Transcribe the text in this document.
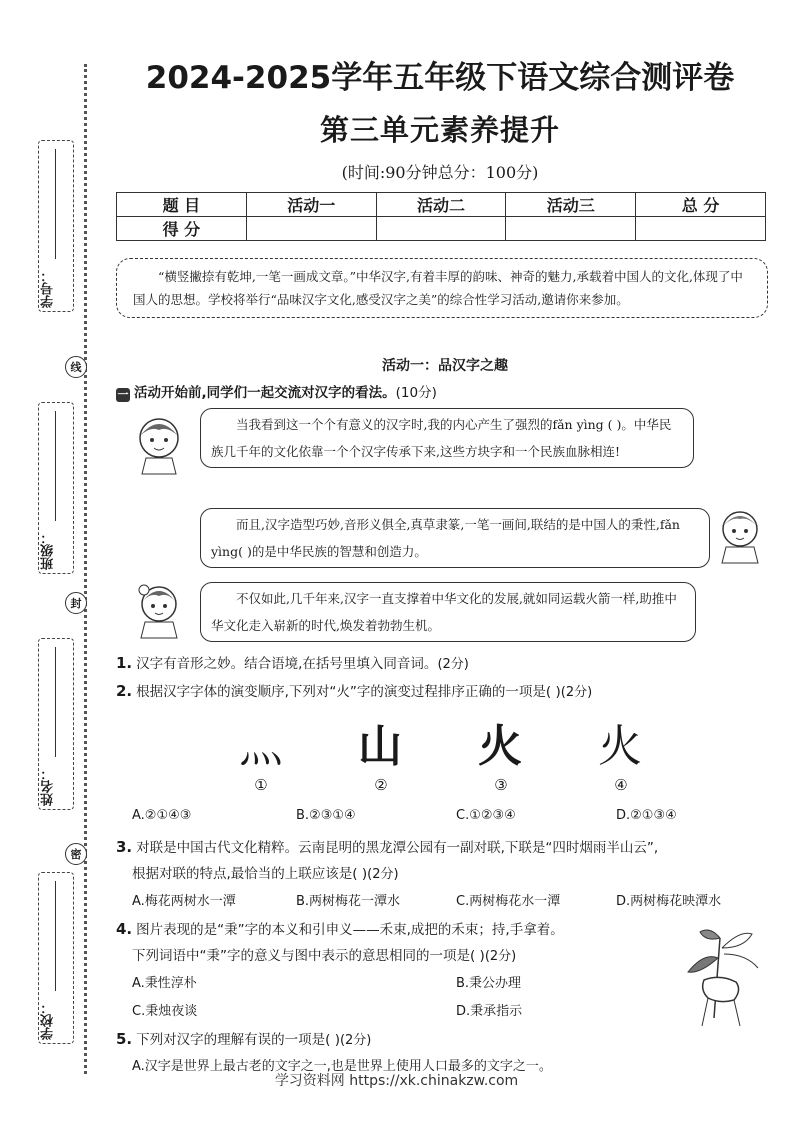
学号：
线
班级：
封
姓名：
密
学校：
2024-2025学年五年级下语文综合测评卷
第三单元素养提升
(时间:90分钟总分：100分)
题 目	活动一	活动二	活动三	总 分
得 分				
“横竖撇捺有乾坤,一笔一画成文章。”中华汉字,有着丰厚的韵味、神奇的魅力,承载着中国人的文化,体现了中国人的思想。学校将举行“品味汉字文化,感受汉字之美”的综合性学习活动,邀请你来参加。
活动一：品汉字之趣
一 活动开始前,同学们一起交流对汉字的看法。(10分)
当我看到这一个个有意义的汉字时,我的内心产生了强烈的fǎn yìng ( )。中华民族几千年的文化依靠一个个汉字传承下来,这些方块字和一个民族血脉相连!
而且,汉字造型巧妙,音形义俱全,真草隶篆,一笔一画间,联结的是中国人的秉性,fǎn yìng( )的是中华民族的智慧和创造力。
不仅如此,几千年来,汉字一直支撑着中华文化的发展,就如同运载火箭一样,助推中华文化走入崭新的时代,焕发着勃勃生机。
1. 汉字有音形之妙。结合语境,在括号里填入同音词。(2分)
2. 根据汉字字体的演变顺序,下列对“火”字的演变过程排序正确的一项是( )(2分)
灬 山 火 火
①	②	③	④
A.②①④③	B.②③①④	C.①②③④	D.②①③④
3. 对联是中国古代文化精粹。云南昆明的黑龙潭公园有一副对联,下联是“四时烟雨半山云”,
根据对联的特点,最恰当的上联应该是( )(2分)
A.梅花两树水一潭	B.两树梅花一潭水	C.两树梅花水一潭	D.两树梅花映潭水
4. 图片表现的是“秉”字的本义和引申义——禾束,成把的禾束；持,手拿着。
下列词语中“秉”字的意义与图中表示的意思相同的一项是( )(2分)
A.秉性淳朴	B.秉公办理
C.秉烛夜谈	D.秉承指示
5. 下列对汉字的理解有误的一项是( )(2分)
A.汉字是世界上最古老的文字之一,也是世界上使用人口最多的文字之一。
学习资料网 https://xk.chinakzw.com
